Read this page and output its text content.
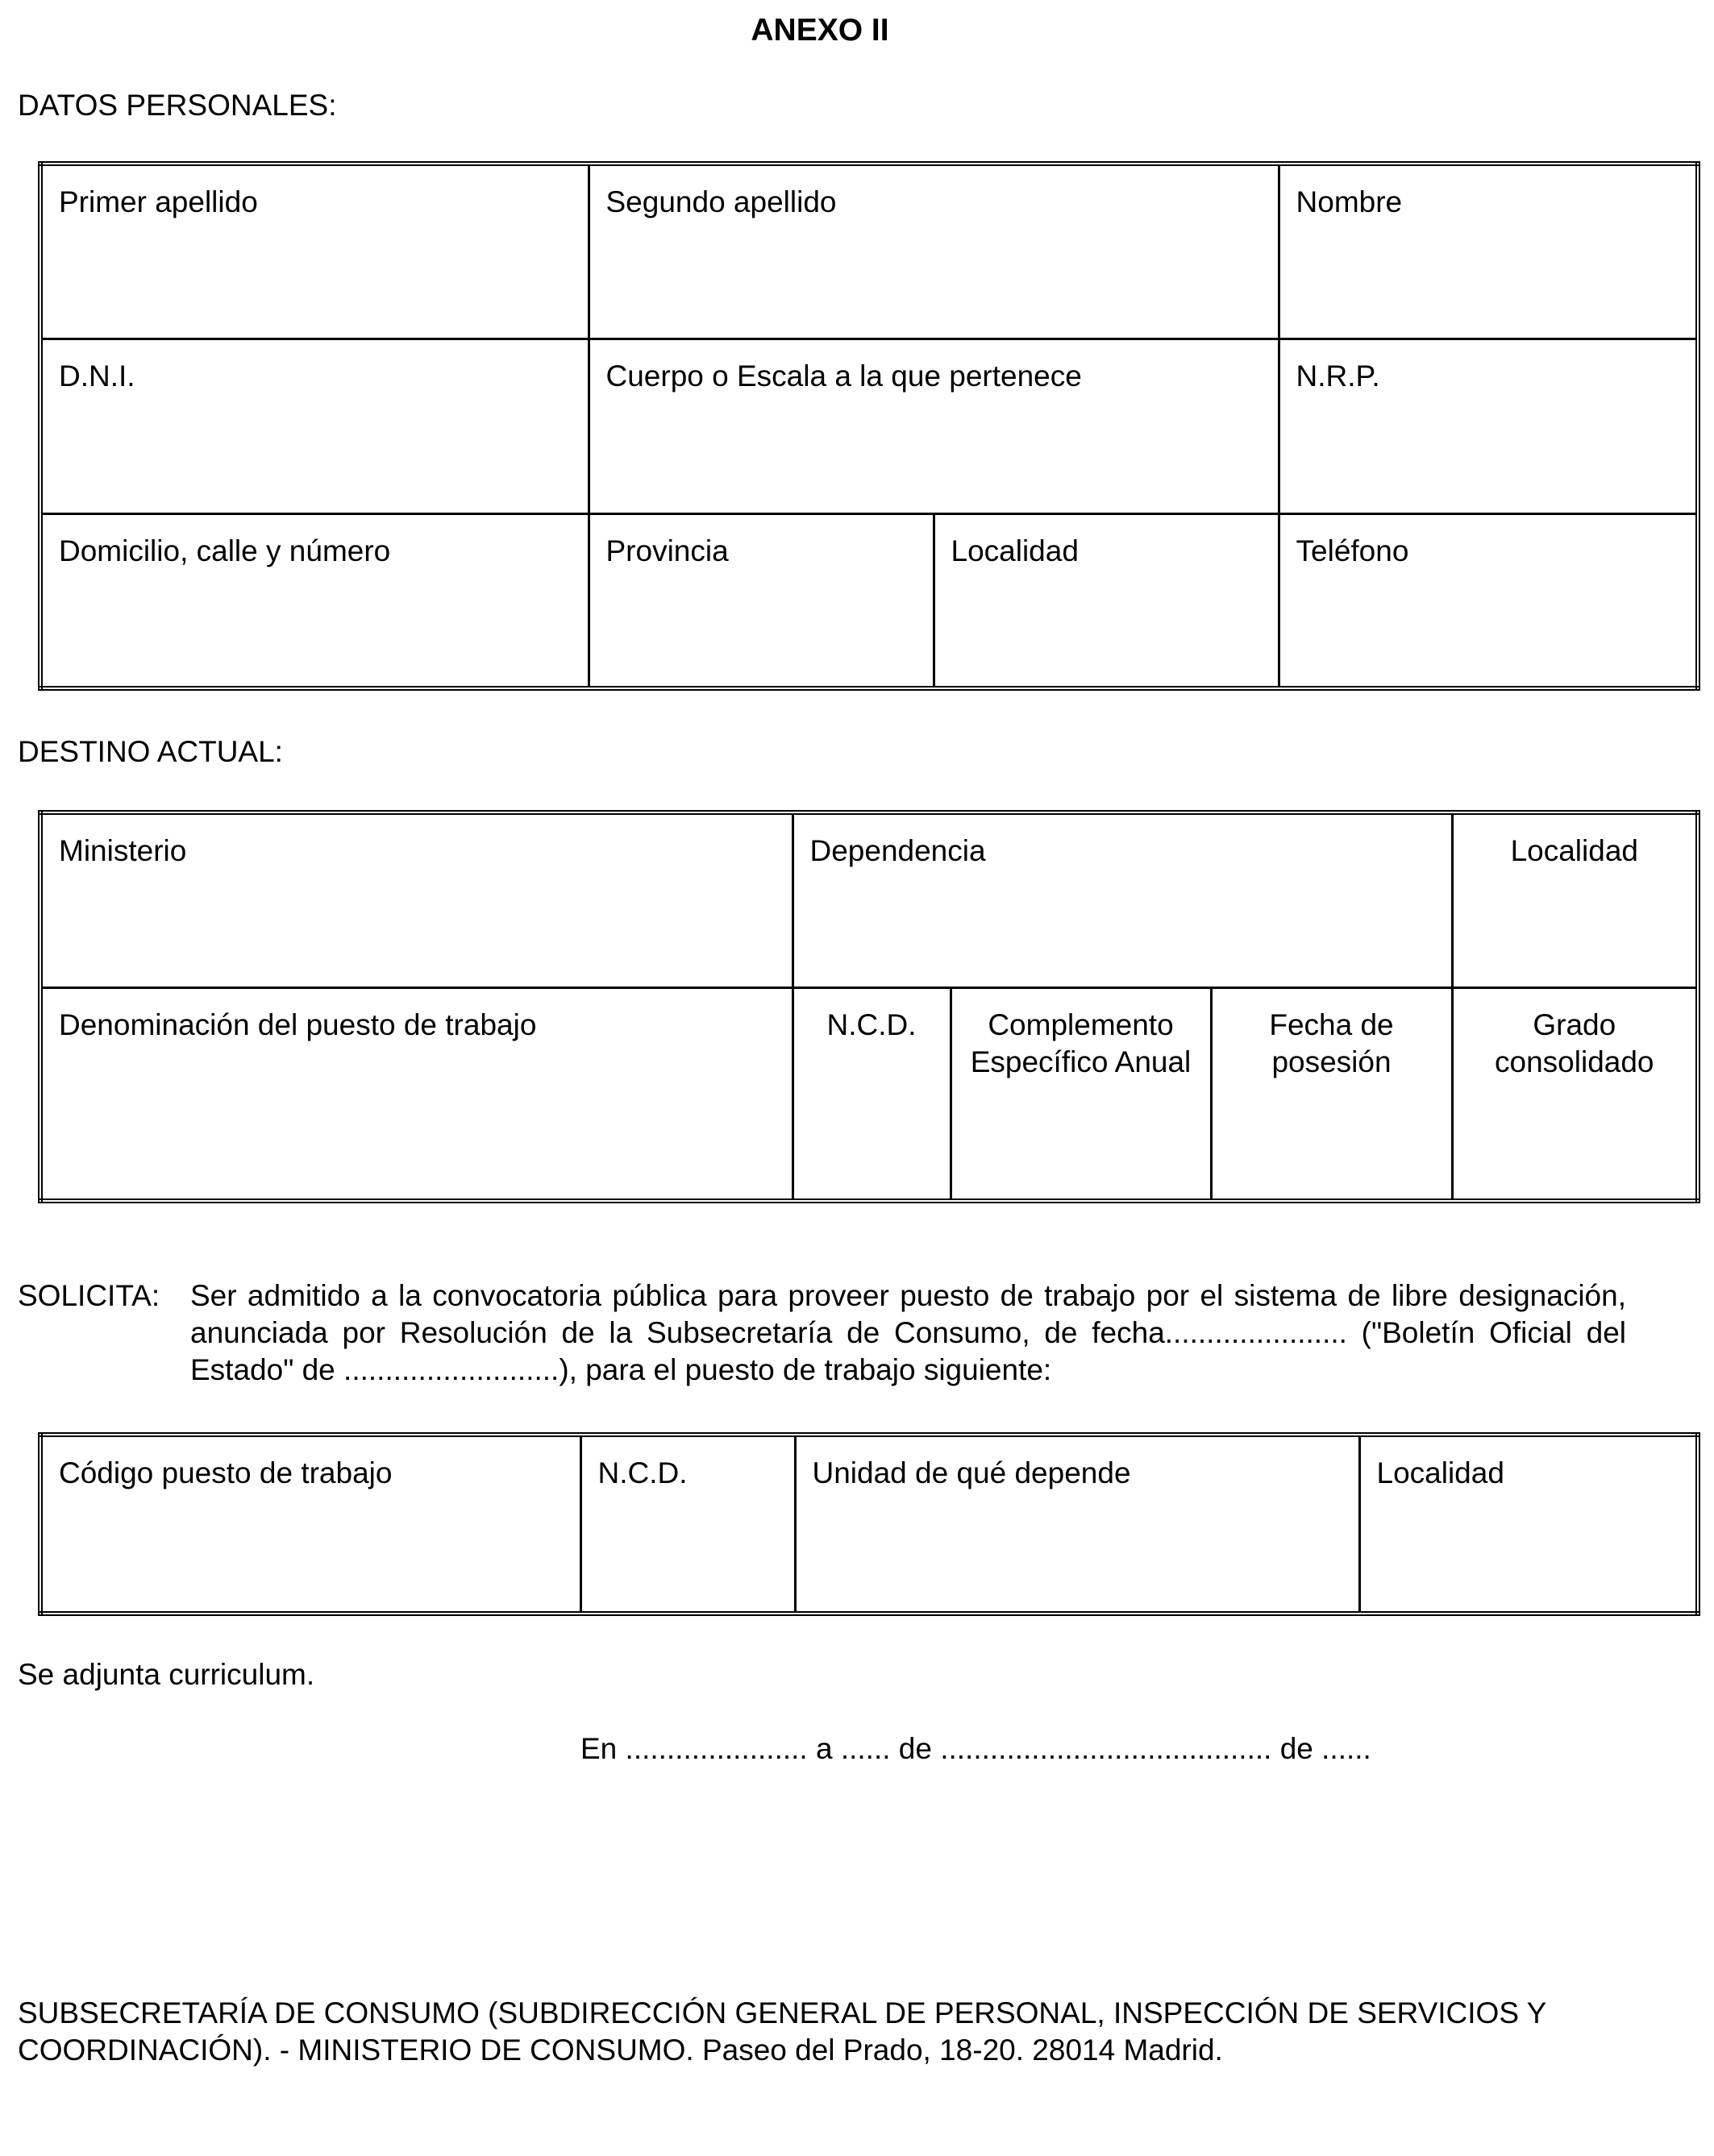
ANEXO II
DATOS PERSONALES:
Primer apellido	Segundo apellido		Nombre
D.N.I.	Cuerpo o Escala a la que pertenece		N.R.P.
Domicilio, calle y número	Provincia	Localidad	Teléfono
DESTINO ACTUAL:
Ministerio	Dependencia			Localidad
Denominación del puesto de trabajo	N.C.D.	Complemento Específico Anual	Fecha de posesión	Grado consolidado
SOLICITA: Ser admitido a la convocatoria pública para proveer puesto de trabajo por el sistema de libre designación, anunciada por Resolución de la Subsecretaría de Consumo, de fecha...................... ("Boletín Oficial del Estado" de ..........................), para el puesto de trabajo siguiente:
Código puesto de trabajo	N.C.D.	Unidad de qué depende	Localidad
Se adjunta curriculum.
En ...................... a ...... de ........................................ de ......
SUBSECRETARÍA DE CONSUMO (SUBDIRECCIÓN GENERAL DE PERSONAL, INSPECCIÓN DE SERVICIOS Y COORDINACIÓN). - MINISTERIO DE CONSUMO. Paseo del Prado, 18-20. 28014 Madrid.
